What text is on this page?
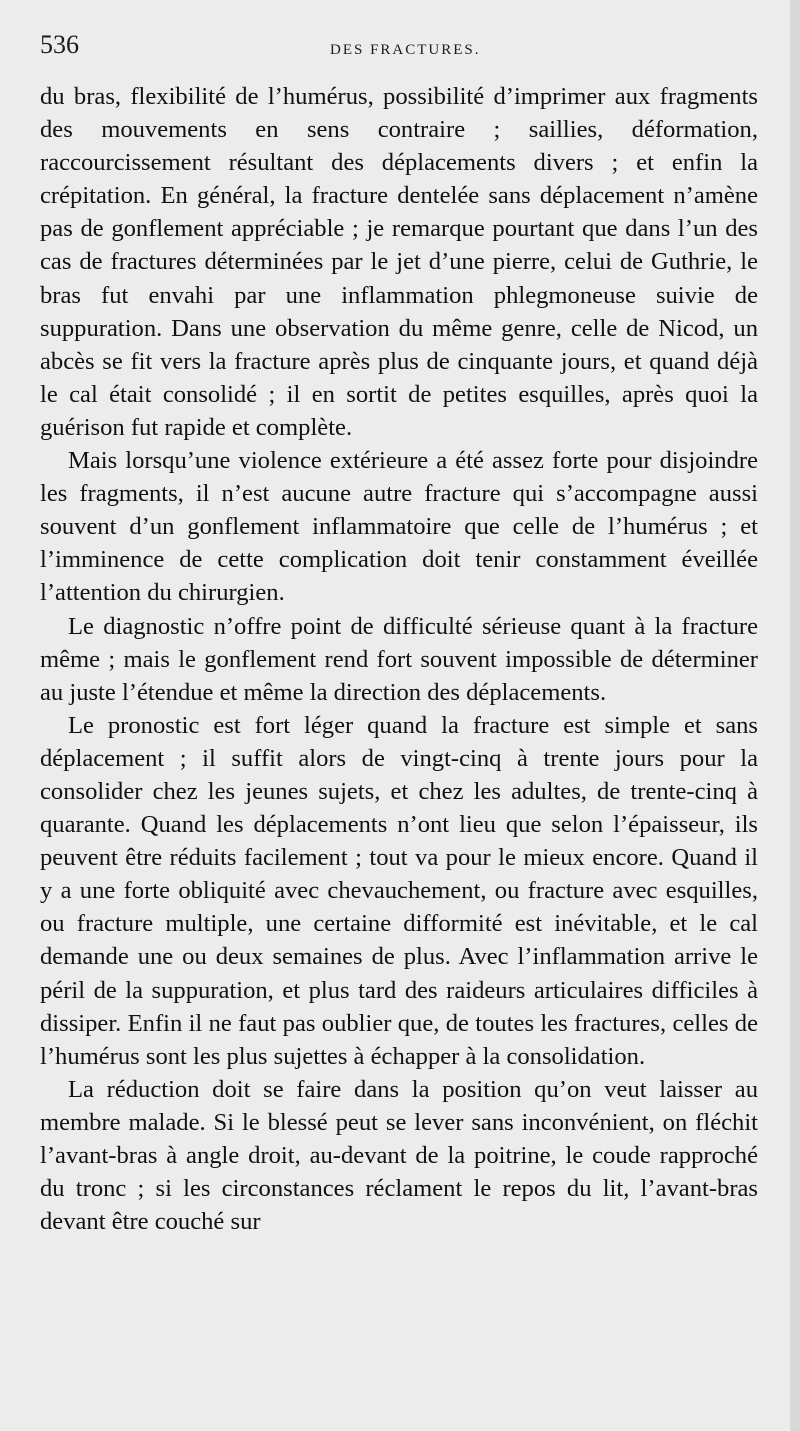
536	DES FRACTURES.

du bras, flexibilité de l’humérus, possibilité d’imprimer aux fragments des mouvements en sens contraire ; saillies, déformation, raccourcissement résultant des déplacements divers ; et enfin la crépitation. En général, la fracture dentelée sans déplacement n’amène pas de gonflement appréciable ; je remarque pourtant que dans l’un des cas de fractures déterminées par le jet d’une pierre, celui de Guthrie, le bras fut envahi par une inflammation phlegmoneuse suivie de suppuration. Dans une observation du même genre, celle de Nicod, un abcès se fit vers la fracture après plus de cinquante jours, et quand déjà le cal était consolidé ; il en sortit de petites esquilles, après quoi la guérison fut rapide et complète.

Mais lorsqu’une violence extérieure a été assez forte pour disjoindre les fragments, il n’est aucune autre fracture qui s’accompagne aussi souvent d’un gonflement inflammatoire que celle de l’humérus ; et l’imminence de cette complication doit tenir constamment éveillée l’attention du chirurgien.

Le diagnostic n’offre point de difficulté sérieuse quant à la fracture même ; mais le gonflement rend fort souvent impossible de déterminer au juste l’étendue et même la direction des déplacements.

Le pronostic est fort léger quand la fracture est simple et sans déplacement ; il suffit alors de vingt-cinq à trente jours pour la consolider chez les jeunes sujets, et chez les adultes, de trente-cinq à quarante. Quand les déplacements n’ont lieu que selon l’épaisseur, ils peuvent être réduits facilement ; tout va pour le mieux encore. Quand il y a une forte obliquité avec chevauchement, ou fracture avec esquilles, ou fracture multiple, une certaine difformité est inévitable, et le cal demande une ou deux semaines de plus. Avec l’inflammation arrive le péril de la suppuration, et plus tard des raideurs articulaires difficiles à dissiper. Enfin il ne faut pas oublier que, de toutes les fractures, celles de l’humérus sont les plus sujettes à échapper à la consolidation.

La réduction doit se faire dans la position qu’on veut laisser au membre malade. Si le blessé peut se lever sans inconvénient, on fléchit l’avant-bras à angle droit, au-devant de la poitrine, le coude rapproché du tronc ; si les circonstances réclament le repos du lit, l’avant-bras devant être couché sur
